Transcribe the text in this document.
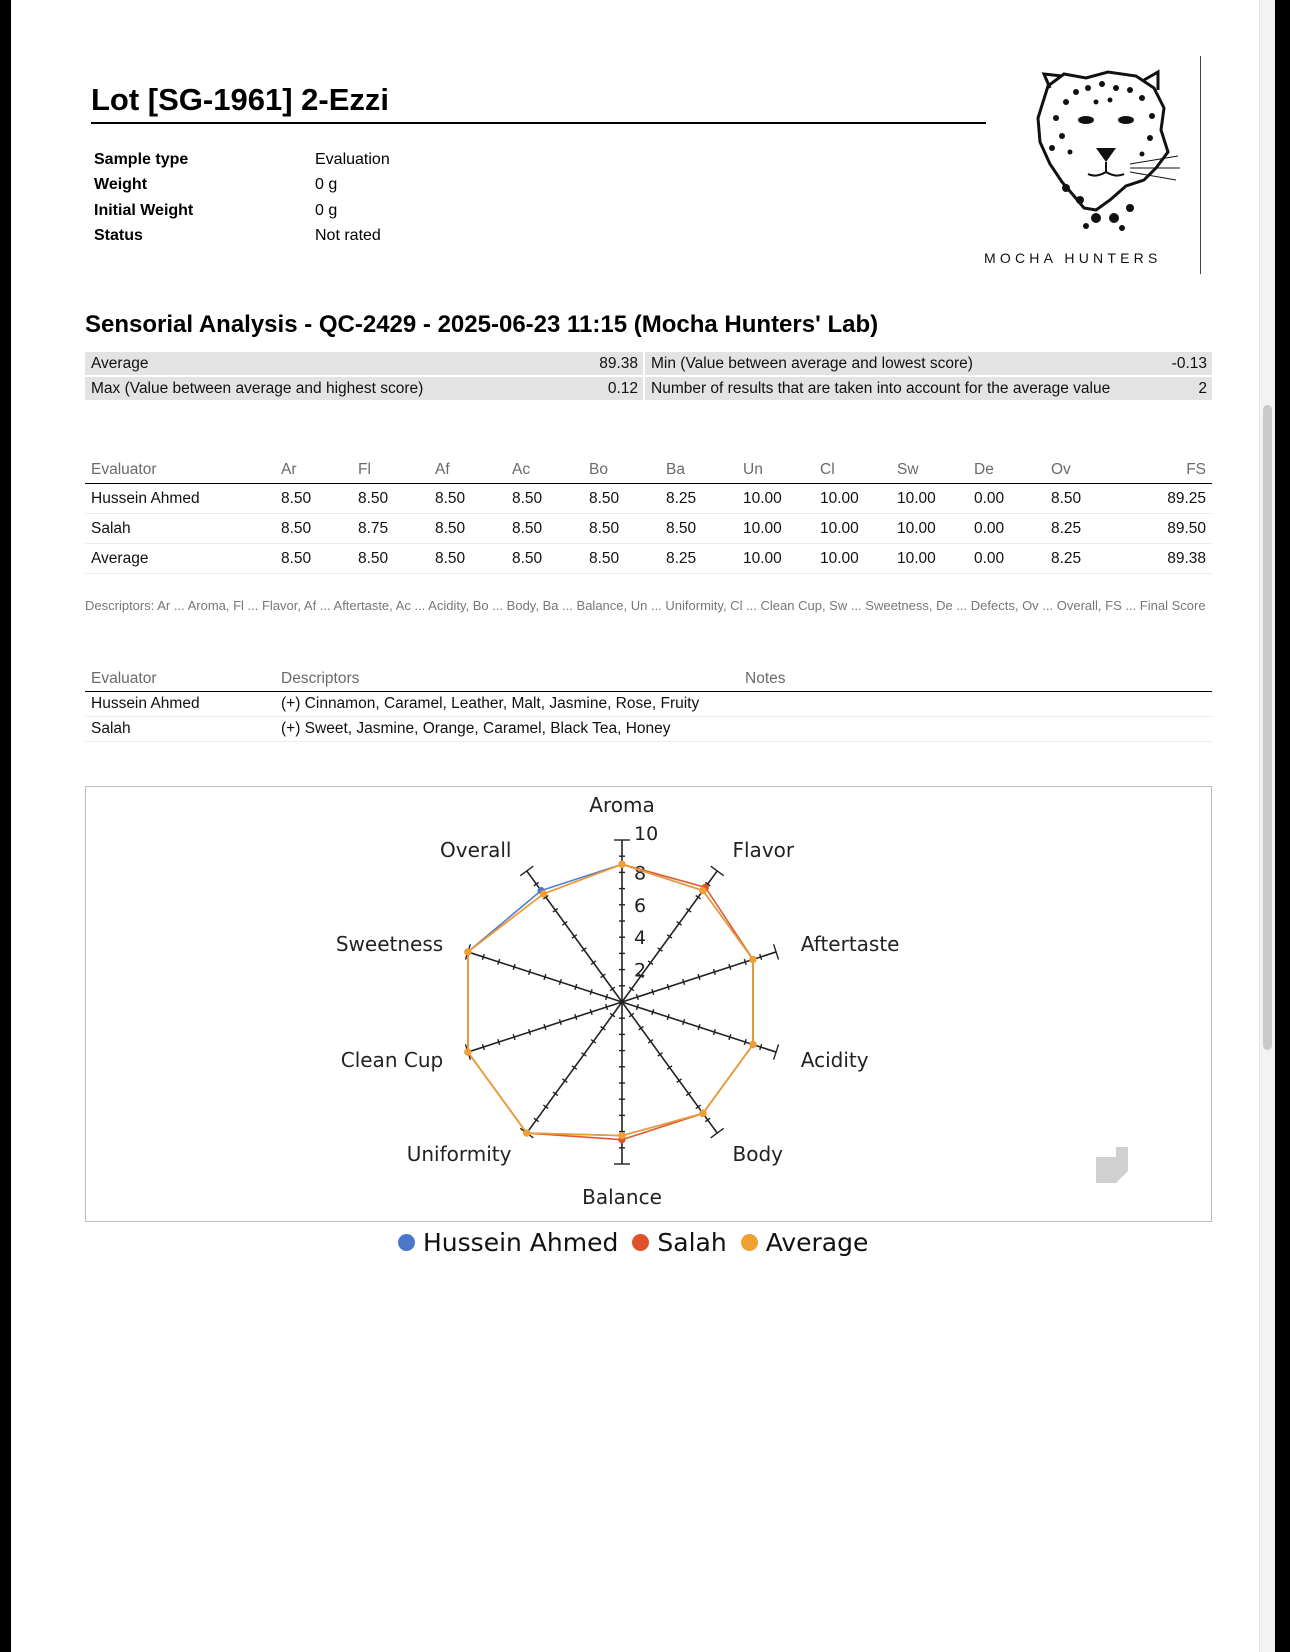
Lot [SG-1961] 2-Ezzi
Sample type	Evaluation
Weight	0 g
Initial Weight	0 g
Status	Not rated
MOCHA HUNTERS
Sensorial Analysis - QC-2429 - 2025-06-23 11:15 (Mocha Hunters' Lab)
Average	89.38 Min (Value between average and lowest score)	-0.13
Max (Value between average and highest score)	0.12 Number of results that are taken into account for the average value	2
Evaluator	Ar	Fl	Af	Ac	Bo	Ba	Un	Cl	Sw	De	Ov	FS
Hussein Ahmed	8.50	8.50	8.50	8.50	8.50	8.25	10.00	10.00	10.00	0.00	8.50	89.25
Salah	8.50	8.75	8.50	8.50	8.50	8.50	10.00	10.00	10.00	0.00	8.25	89.50
Average	8.50	8.50	8.50	8.50	8.50	8.25	10.00	10.00	10.00	0.00	8.25	89.38
Descriptors: Ar ... Aroma, Fl ... Flavor, Af ... Aftertaste, Ac ... Acidity, Bo ... Body, Ba ... Balance, Un ... Uniformity, Cl ... Clean Cup, Sw ... Sweetness, De ... Defects, Ov ... Overall, FS ... Final Score
Evaluator	Descriptors	Notes
Hussein Ahmed	(+) Cinnamon, Caramel, Leather, Malt, Jasmine, Rose, Fruity	
Salah	(+) Sweet, Jasmine, Orange, Caramel, Black Tea, Honey	
Aroma
Flavor
Aftertaste
Acidity
Body
Balance
Uniformity
Clean Cup
Sweetness
Overall
2
4
6
8
10
Hussein Ahmed Salah Average
